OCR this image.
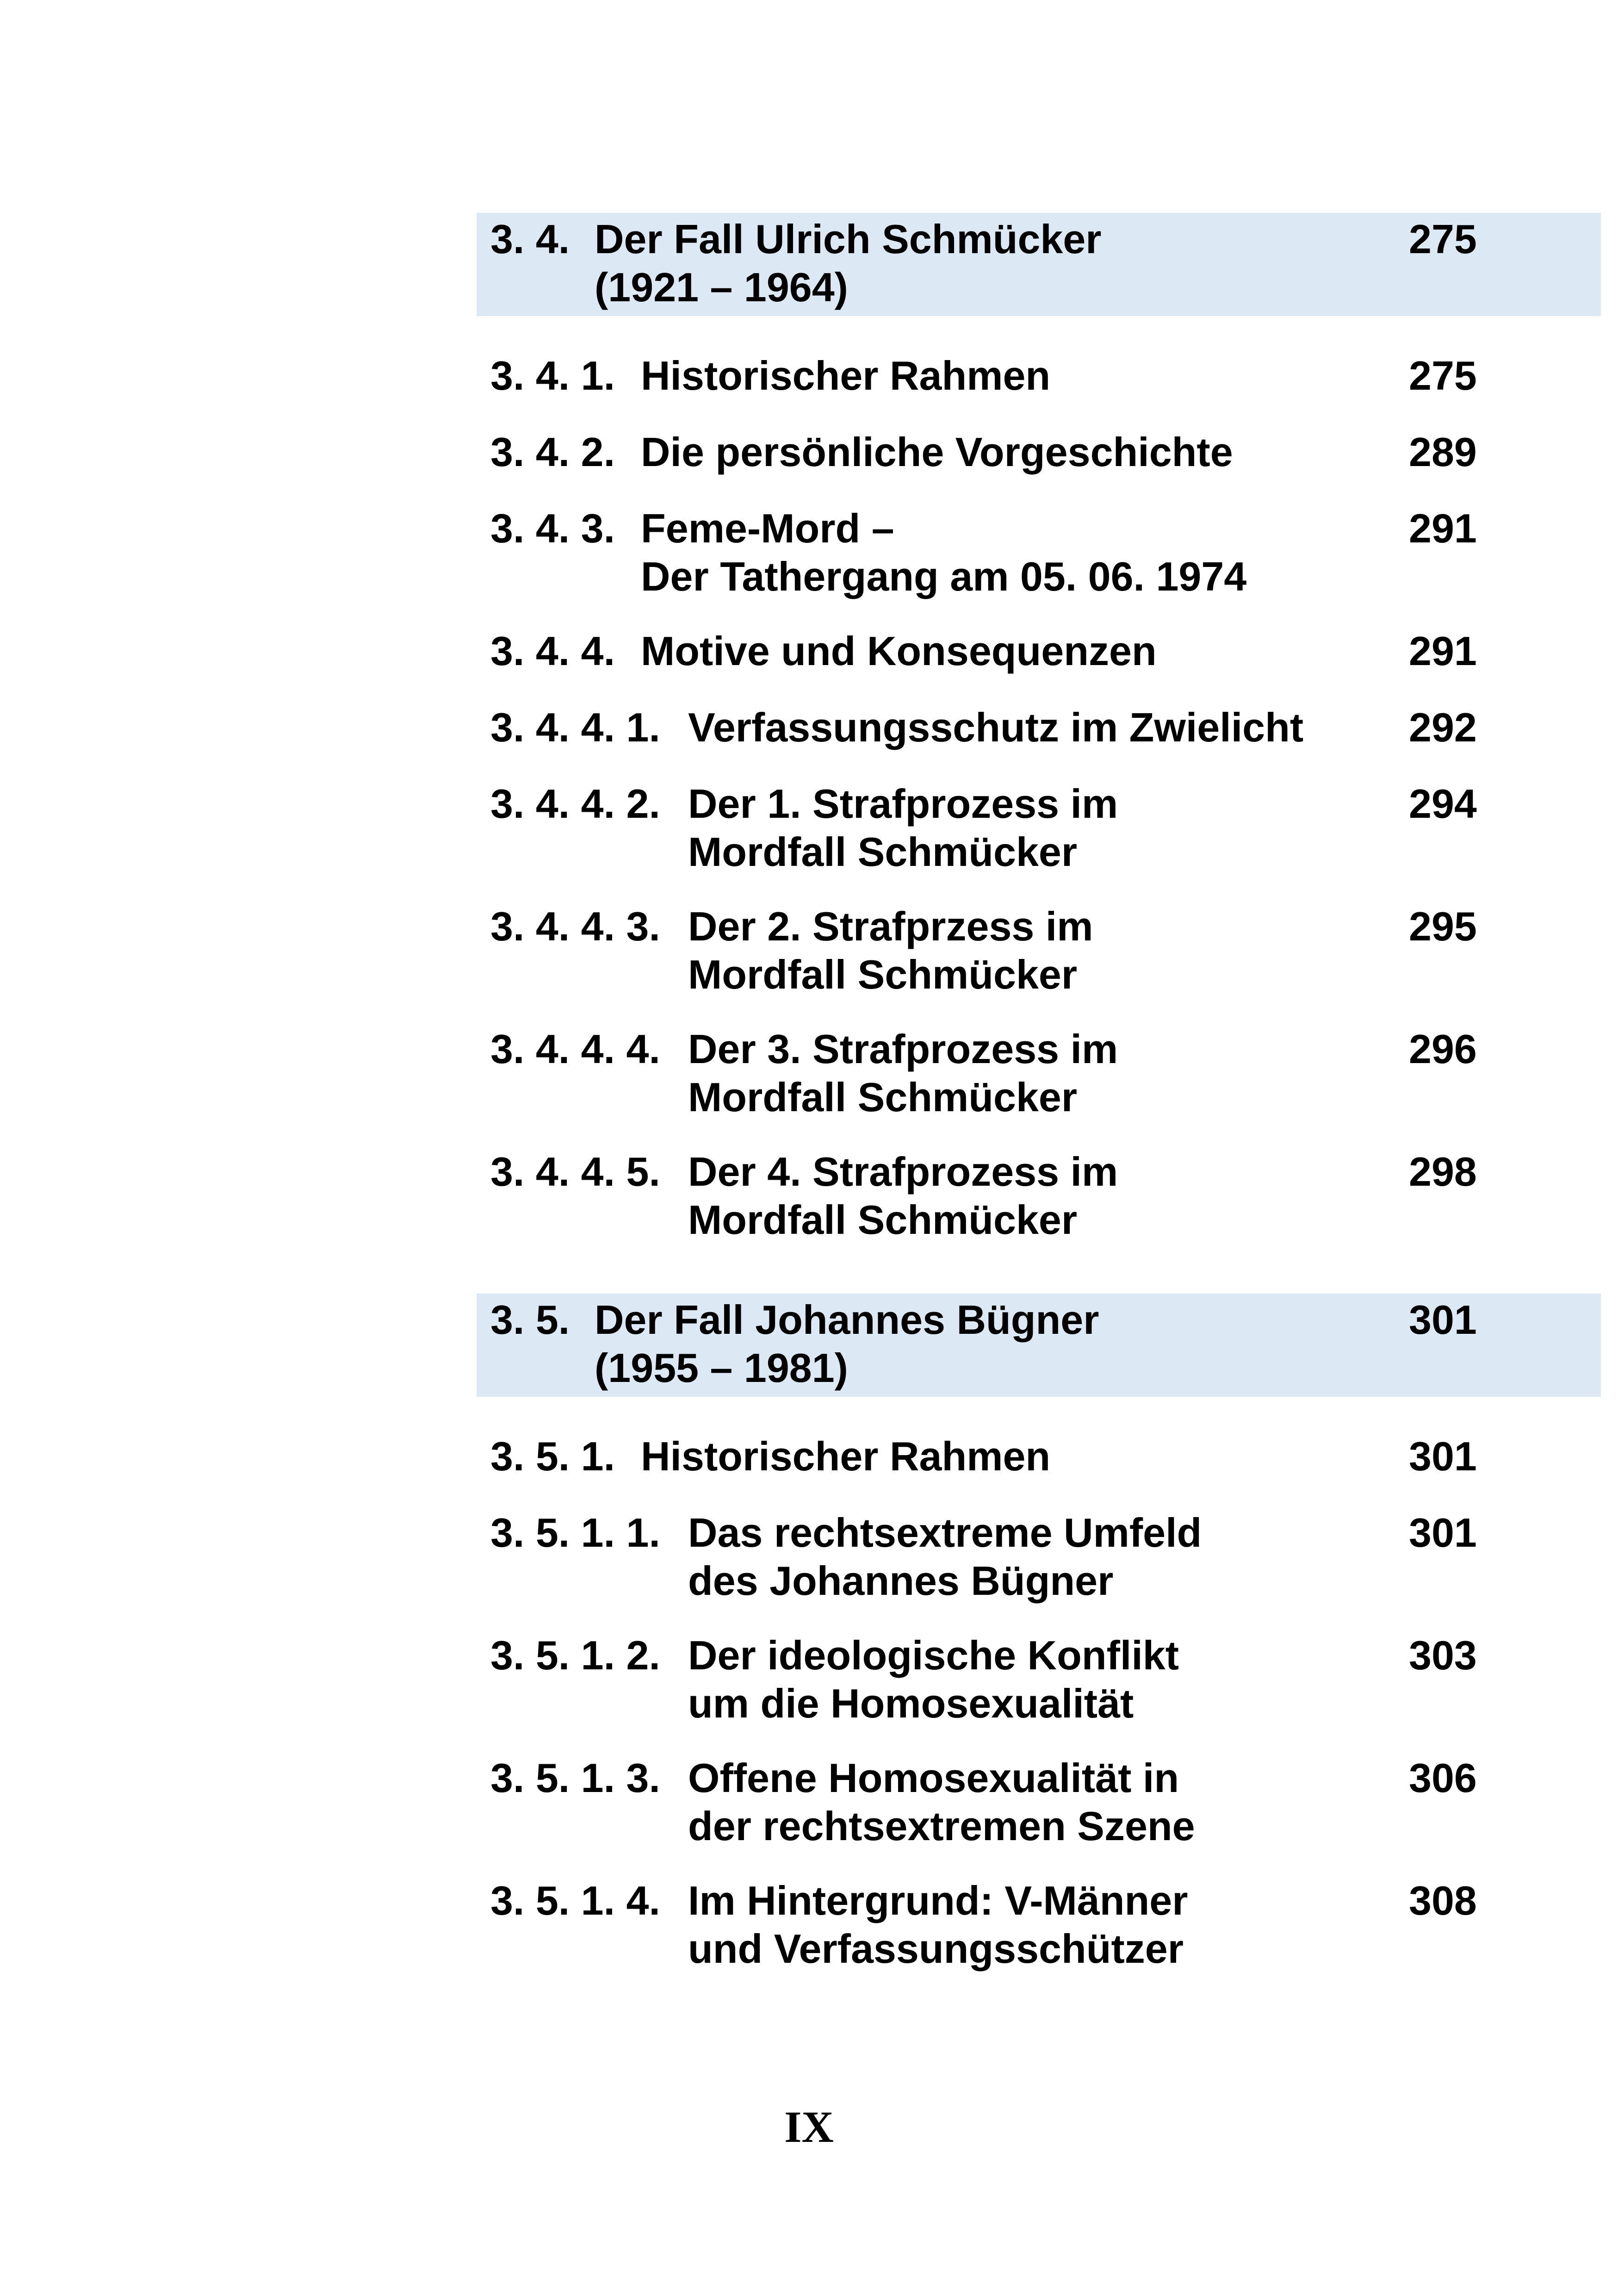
3. 4. Der Fall Ulrich Schmücker	275
(1921 – 1964)
3. 4. 1. Historischer Rahmen	275
3. 4. 2. Die persönliche Vorgeschichte	289
3. 4. 3. Feme-Mord –	291
Der Tathergang am 05. 06. 1974
3. 4. 4. Motive und Konsequenzen	291
3. 4. 4. 1. Verfassungsschutz im Zwielicht	292
3. 4. 4. 2. Der 1. Strafprozess im	294
Mordfall Schmücker
3. 4. 4. 3. Der 2. Strafprzess im	295
Mordfall Schmücker
3. 4. 4. 4. Der 3. Strafprozess im	296
Mordfall Schmücker
3. 4. 4. 5. Der 4. Strafprozess im	298
Mordfall Schmücker
3. 5. Der Fall Johannes Bügner	301
(1955 – 1981)
3. 5. 1. Historischer Rahmen	301
3. 5. 1. 1. Das rechtsextreme Umfeld	301
des Johannes Bügner
3. 5. 1. 2. Der ideologische Konflikt	303
um die Homosexualität
3. 5. 1. 3. Offene Homosexualität in	306
der rechtsextremen Szene
3. 5. 1. 4. Im Hintergrund: V-Männer	308
und Verfassungsschützer
IX
